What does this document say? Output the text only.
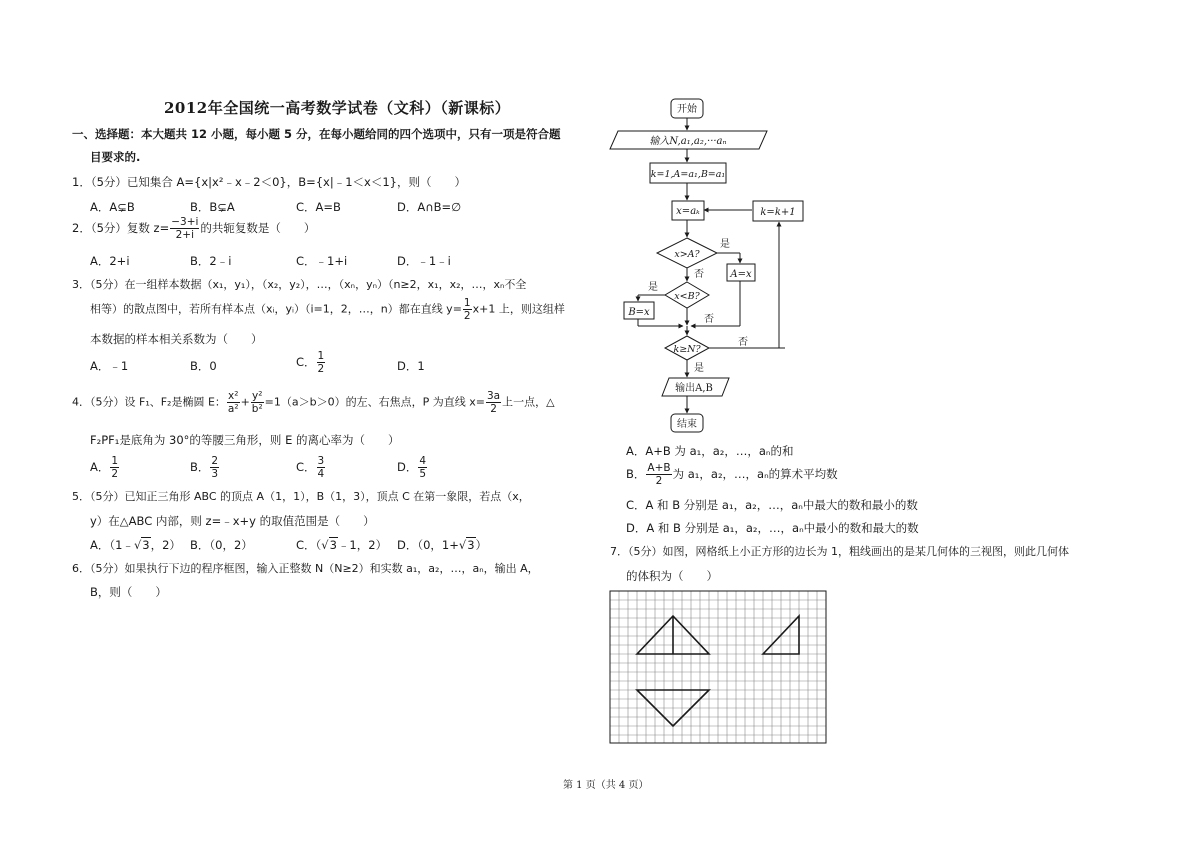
2012年全国统一高考数学试卷（文科）（新课标）
一、选择题：本大题共 12 小题，每小题 5 分，在每小题给同的四个选项中，只有一项是符合题
目要求的.
1．（5分）已知集合 A={x|x²﹣x﹣2＜0}，B={x|﹣1＜x＜1}，则（　　）
A．A⊊B	B．B⊊A	C．A=B	D．A∩B=∅
2．（5分）复数 $z= \frac{-3+i}{2+i}$ 的共轭复数是（　　）
A．2+i	B．2﹣i	C．﹣1+i	D．﹣1﹣i
3．（5分）在一组样本数据（x₁，y₁），（x₂，y₂），…，（xₙ，yₙ）（n≥2，x₁，x₂，…，xₙ不全
相等）的散点图中，若所有样本点（xᵢ，yᵢ）（i=1，2，…，n）都在直线 $y= \frac{1}{2} x+1$ 上，则这组样
本数据的样本相关系数为（　　）
A．﹣1	B．0	C． $\frac{1}{2}$	D．1
4．（5分）设 F₁、F₂是椭圆 E： $\frac{\text{x²}}{\text{a²}} + \frac{\text{y²}}{\text{b²}} =1(a>b>0)$的左、右焦点，P 为直线 $x= \frac{3a}{2}$ 上一点，△
F₂PF₁是底角为 30°的等腰三角形，则 E 的离心率为（　　）
A． $\frac{1}{2}$	B． $\frac{2}{3}$	C． $\frac{3}{4}$	D． $\frac{4}{5}$
5．（5分）已知正三角形 ABC 的顶点 A（1，1），B（1，3），顶点 C 在第一象限，若点（x，
y）在△ABC 内部，则 z=﹣x+y 的取值范围是（　　）
A．（1﹣√3，2） B．（0，2）	C．（√3﹣1，2） D．（0，1+√3）
6．（5分）如果执行下边的程序框图，输入正整数 N（N≥2）和实数 a₁，a₂，…，aₙ，输出 A，
B，则（　　）
开始
输入N,a₁,a₂,···aₙ
k=1,A=a₁,B=a₁
x=aₖ	k=k+1
x>A?
是
否	A=x
x<B?
是
否
B=x
k≥N?
是
否
输出A,B
结束
A．A+B 为 a₁，a₂，…，aₙ的和
B． $\frac{A+B}{2}$ 为 a₁，a₂，…，aₙ的算术平均数
C．A 和 B 分别是 a₁，a₂，…，aₙ中最大的数和最小的数
D．A 和 B 分别是 a₁，a₂，…，aₙ中最小的数和最大的数
7．（5分）如图，网格纸上小正方形的边长为 1，粗线画出的是某几何体的三视图，则此几何体
的体积为（　　）
第 1 页（共 4 页）
